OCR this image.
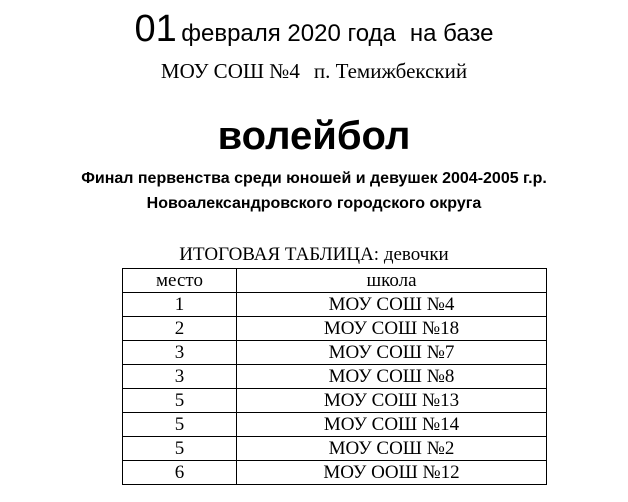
01 февраля 2020 года на базе
МОУ СОШ №4 п. Темижбекский
волейбол
Финал первенства среди юношей и девушек 2004-2005 г.р.
Новоалександровского городского округа
ИТОГОВАЯ ТАБЛИЦА: девочки
место	школа
1	МОУ СОШ №4
2	МОУ СОШ №18
3	МОУ СОШ №7
3	МОУ СОШ №8
5	МОУ СОШ №13
5	МОУ СОШ №14
5	МОУ СОШ №2
6	МОУ ООШ №12
